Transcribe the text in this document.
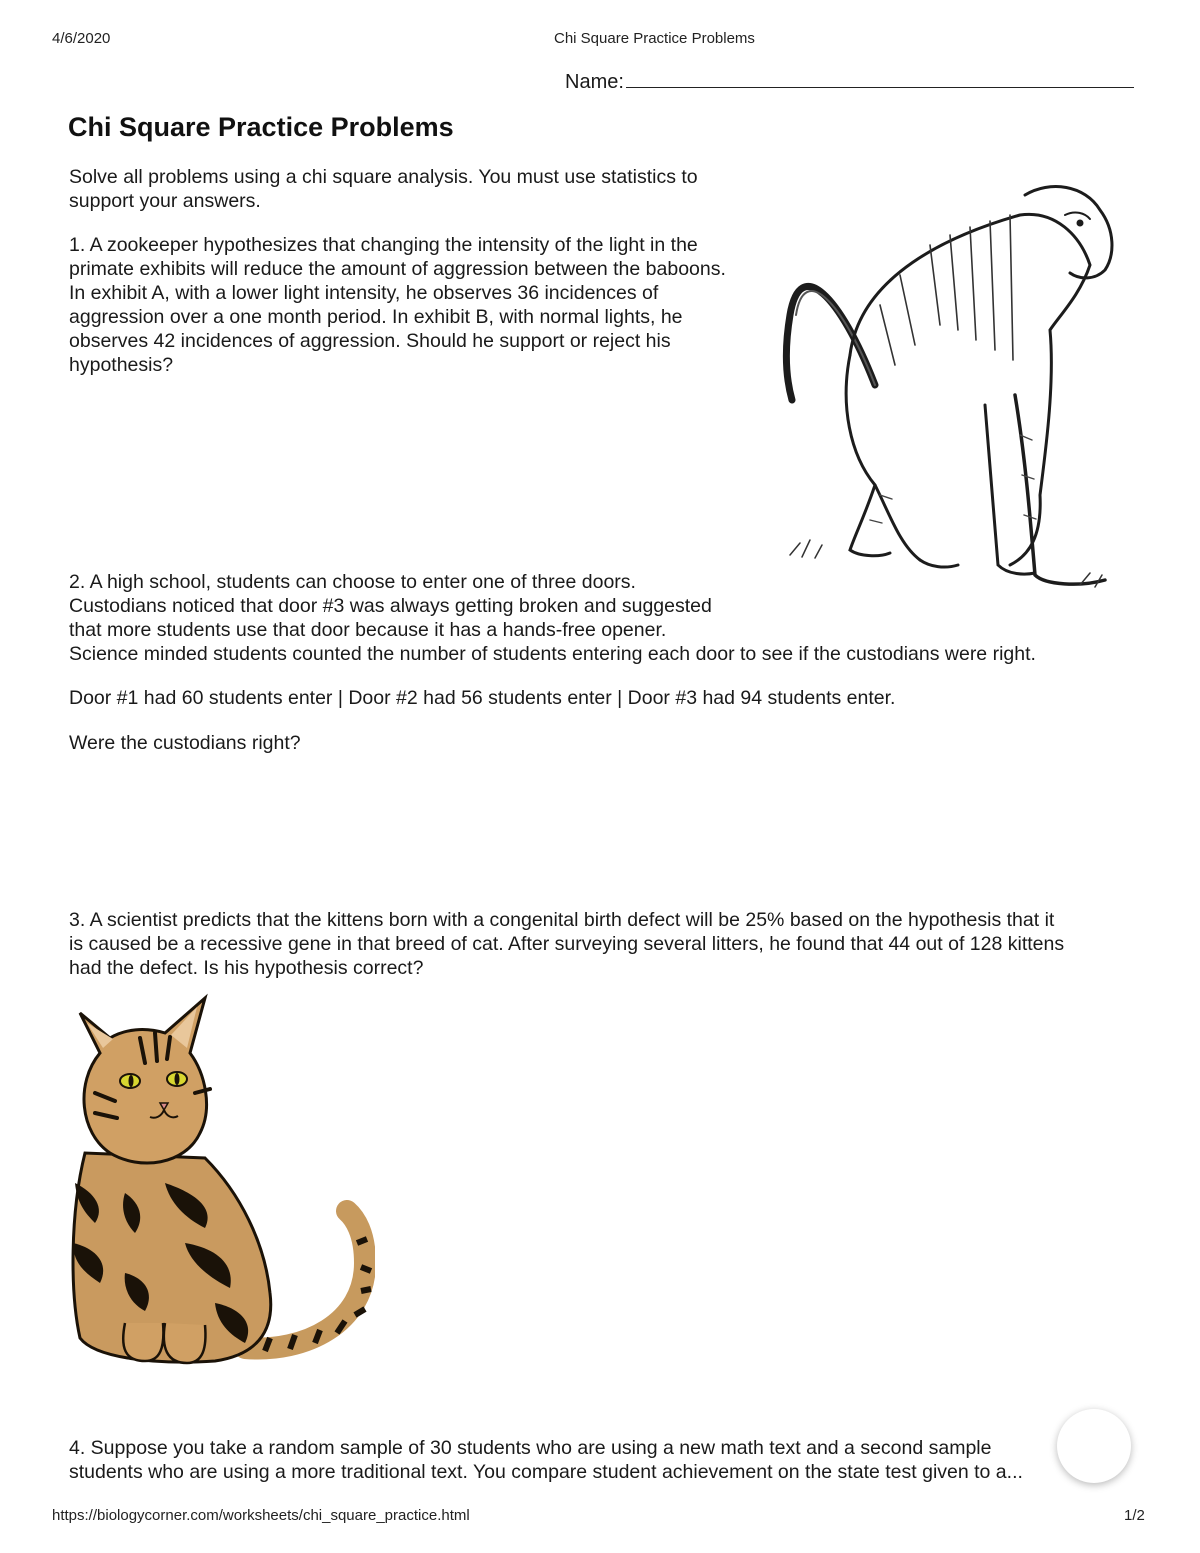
4/6/2020	Chi Square Practice Problems
Name:
Chi Square Practice Problems
Solve all problems using a chi square analysis. You must use statistics to
support your answers.
1. A zookeeper hypothesizes that changing the intensity of the light in the
primate exhibits will reduce the amount of aggression between the baboons.
In exhibit A, with a lower light intensity, he observes 36 incidences of
aggression over a one month period. In exhibit B, with normal lights, he
observes 42 incidences of aggression. Should he support or reject his
hypothesis?
2. A high school, students can choose to enter one of three doors.
Custodians noticed that door #3 was always getting broken and suggested
that more students use that door because it has a hands-free opener.
Science minded students counted the number of students entering each door to see if the custodians were right.
Door #1 had 60 students enter | Door #2 had 56 students enter | Door #3 had 94 students enter.
Were the custodians right?
3. A scientist predicts that the kittens born with a congenital birth defect will be 25% based on the hypothesis that it
is caused be a recessive gene in that breed of cat. After surveying several litters, he found that 44 out of 128 kittens
had the defect. Is his hypothesis correct?
4. Suppose you take a random sample of 30 students who are using a new math text and a second sample
students who are using a more traditional text. You compare student achievement on the state test given to a...
https://biologycorner.com/worksheets/chi_square_practice.html	1/2
